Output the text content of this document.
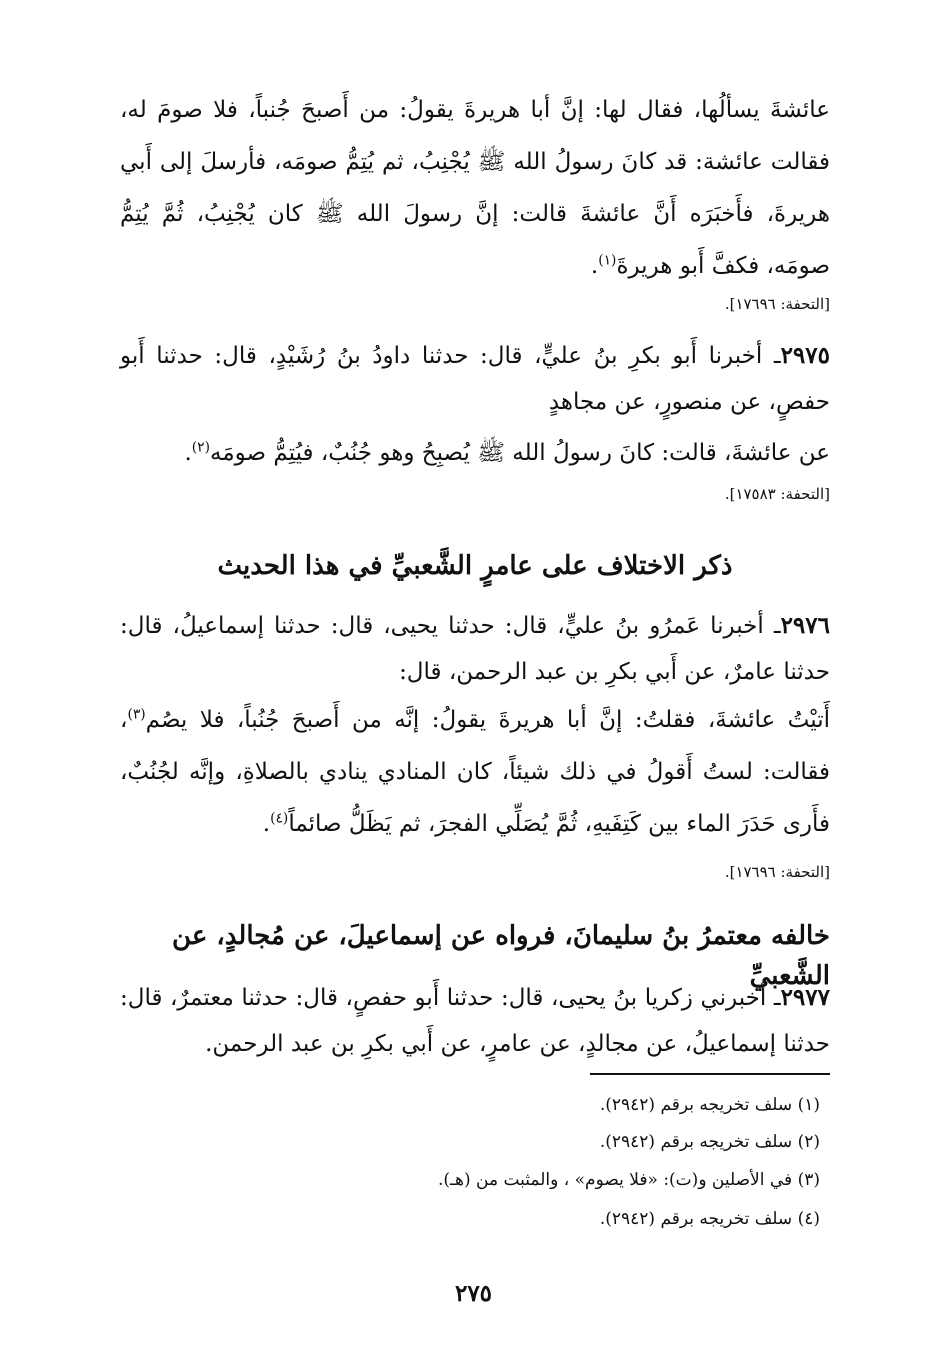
عائشةَ يسألُها، فقال لها: إنَّ أبا هريرةَ يقولُ: من أَصبحَ جُنباً، فلا صومَ له، فقالت عائشة: قد كانَ رسولُ الله ﷺ يُجْنِبُ، ثم يُتِمُّ صومَه، فأرسلَ إلى أَبي هريرةَ، فأَخبَرَه أَنَّ عائشةَ قالت: إنَّ رسولَ الله ﷺ كان يُجْنِبُ، ثُمَّ يُتِمُّ صومَه، فكفَّ أَبو هريرةَ$^{(١)}$.
[التحفة: ١٧٦٩٦].
٢٩٧٥ـ أخبرنا أَبو بكرِ بنُ عليٍّ، قال: حدثنا داودُ بنُ رُشَيْدٍ، قال: حدثنا أَبو حفصٍ، عن منصورٍ، عن مجاهدٍ
عن عائشةَ، قالت: كانَ رسولُ الله ﷺ يُصبِحُ وهو جُنُبٌ، فيُتِمُّ صومَه$^{(٢)}$.
[التحفة: ١٧٥٨٣].
ذكر الاختلاف على عامرٍ الشَّعبيِّ في هذا الحديث
٢٩٧٦ـ أخبرنا عَمرُو بنُ عليٍّ، قال: حدثنا يحيى، قال: حدثنا إسماعيلُ، قال: حدثنا عامرٌ، عن أَبي بكرِ بن عبد الرحمن، قال:
أَتيْتُ عائشةَ، فقلتُ: إنَّ أبا هريرةَ يقولُ: إنَّه من أَصبحَ جُنُباً، فلا يصُم$^{(٣)}$، فقالت: لستُ أَقولُ في ذلك شيئاً، كان المنادي ينادي بالصلاةِ، وإنَّه لجُنُبٌ، فأَرى حَدَرَ الماء بين كَتِفَيهِ، ثُمَّ يُصَلِّي الفجرَ، ثم يَظَلُّ صائماً$^{(٤)}$.
[التحفة: ١٧٦٩٦].
خالفه معتمرُ بنُ سليمانَ، فرواه عن إسماعيلَ، عن مُجالدٍ، عن الشَّعبيِّ
٢٩٧٧ـ أخبرني زكريا بنُ يحيى، قال: حدثنا أَبو حفصٍ، قال: حدثنا معتمرٌ، قال: حدثنا إسماعيلُ، عن مجالدٍ، عن عامرٍ، عن أَبي بكرِ بن عبد الرحمن.
(١) سلف تخريجه برقم (٢٩٤٢).
(٢) سلف تخريجه برقم (٢٩٤٢).
(٣) في الأصلين و(ت): «فلا يصوم» ، والمثبت من (هـ).
(٤) سلف تخريجه برقم (٢٩٤٢).
٢٧٥
